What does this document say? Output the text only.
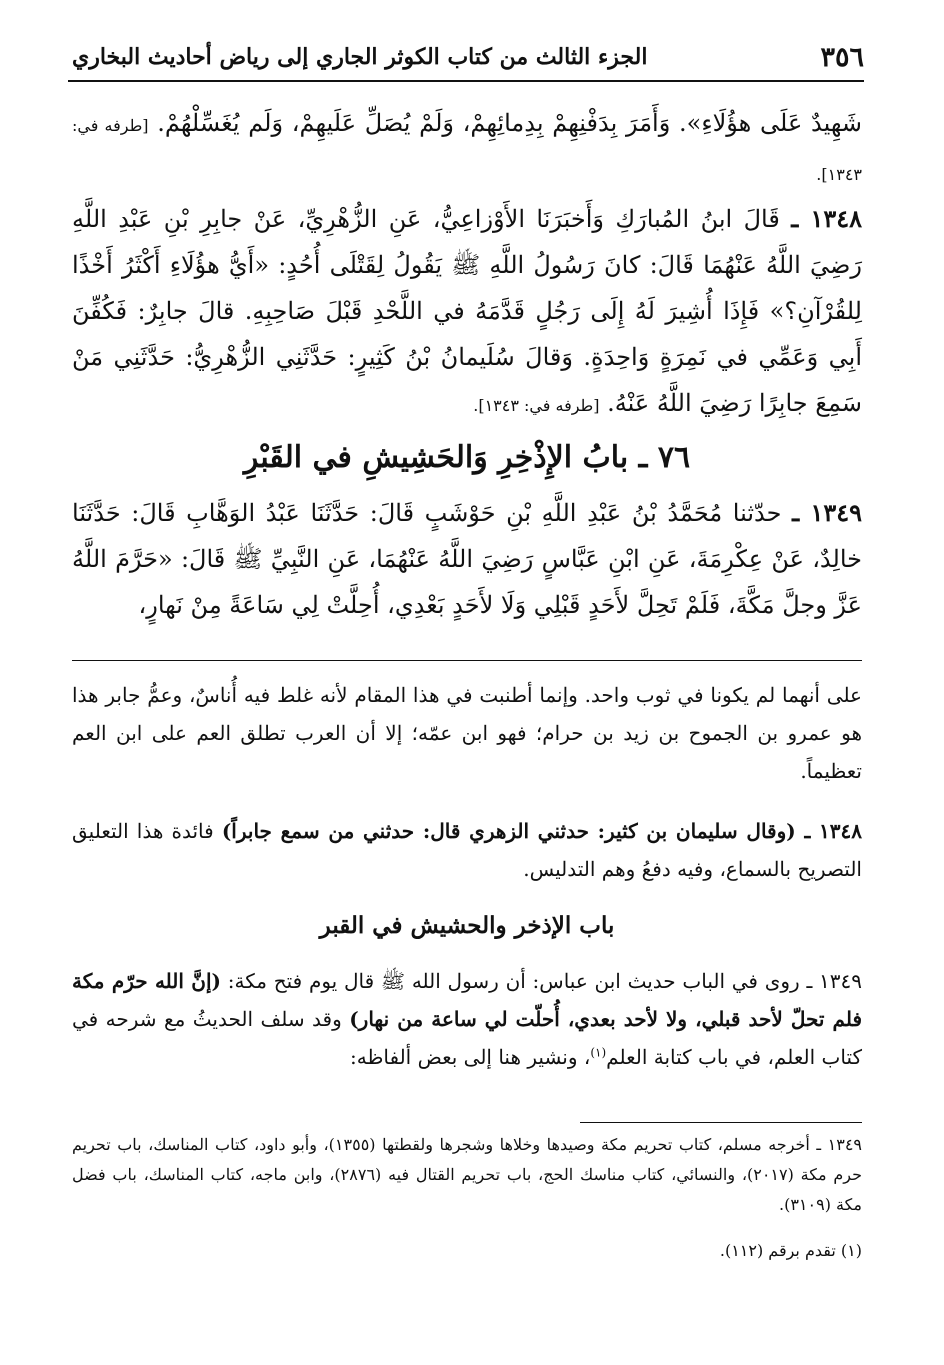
٣٥٦
الجزء الثالث من كتاب الكوثر الجاري إلى رياض أحاديث البخاري
شَهِيدٌ عَلَى هؤُلَاءِ». وَأَمَرَ بِدَفْنِهِمْ بِدِمائِهِمْ، وَلَمْ يُصَلِّ عَلَيهِمْ، وَلَم يُغَسِّلْهُمْ. [طرفه في: ١٣٤٣].
١٣٤٨ ـ قَالَ ابنُ المُبارَكِ وَأَخبَرَنَا الأَوْزاعِيُّ، عَنِ الزُّهْرِيِّ، عَنْ جابِرِ بْنِ عَبْدِ اللَّهِ رَضِيَ اللَّهُ عَنْهُمَا قَالَ: كانَ رَسُولُ اللَّهِ ﷺ يَقُولُ لِقَتْلَى أُحُدٍ: «أَيُّ هؤُلَاءِ أَكْثَرُ أَخْذًا لِلقُرْآنِ؟» فَإِذَا أُشِيرَ لَهُ إِلَى رَجُلٍ قَدَّمَهُ في اللَّحْدِ قَبْلَ صَاحِبِهِ. قالَ جابِرٌ: فَكُفِّنَ أَبِي وَعَمِّي في نَمِرَةٍ وَاحِدَةٍ. وَقالَ سُلَيمانُ بْنُ كَثِيرٍ: حَدَّثَنِي الزُّهْرِيُّ: حَدَّثَنِي مَنْ سَمِعَ جابِرًا رَضِيَ اللَّهُ عَنْهُ. [طرفه في: ١٣٤٣].
٧٦ ـ بابُ الإِذْخِرِ وَالحَشِيشِ في القَبْرِ
١٣٤٩ ـ حدّثنا مُحَمَّدُ بْنُ عَبْدِ اللَّهِ بْنِ حَوْشَبٍ قَالَ: حَدَّثَنَا عَبْدُ الوَهَّابِ قَالَ: حَدَّثَنَا خالِدٌ، عَنْ عِكْرِمَةَ، عَنِ ابْنِ عَبَّاسٍ رَضِيَ اللَّهُ عَنْهُمَا، عَنِ النَّبِيِّ ﷺ قَالَ: «حَرَّمَ اللَّهُ عَزَّ وجلَّ مَكَّةَ، فَلَمْ تَحِلَّ لأَحَدٍ قَبْلِي وَلَا لأَحَدٍ بَعْدِي، أُحِلَّتْ لِي سَاعَةً مِنْ نَهارٍ،
على أنهما لم يكونا في ثوب واحد. وإنما أطنبت في هذا المقام لأنه غلط فيه أُناسٌ، وعمُّ جابر هذا هو عمرو بن الجموح بن زيد بن حرام؛ فهو ابن عمّه؛ إلا أن العرب تطلق العم على ابن العم تعظيماً.
١٣٤٨ ـ (وقال سليمان بن كثير: حدثني الزهري قال: حدثني من سمع جابراً) فائدة هذا التعليق التصريح بالسماع، وفيه دفعُ وهم التدليس.
باب الإذخر والحشيش في القبر
١٣٤٩ ـ روى في الباب حديث ابن عباس: أن رسول الله ﷺ قال يوم فتح مكة: (إنَّ الله حرّم مكة فلم تحلّ لأحد قبلي، ولا لأحد بعدي، أُحلّت لي ساعة من نهار) وقد سلف الحديثُ مع شرحه في كتاب العلم، في باب كتابة العلم$^{(١)}$، ونشير هنا إلى بعض ألفاظه:
١٣٤٩ ـ أخرجه مسلم، كتاب تحريم مكة وصيدها وخلاها وشجرها ولقطتها (١٣٥٥)، وأبو داود، كتاب المناسك، باب تحريم حرم مكة (٢٠١٧)، والنسائي، كتاب مناسك الحج، باب تحريم القتال فيه (٢٨٧٦)، وابن ماجه، كتاب المناسك، باب فضل مكة (٣١٠٩).
(١) تقدم برقم (١١٢).
